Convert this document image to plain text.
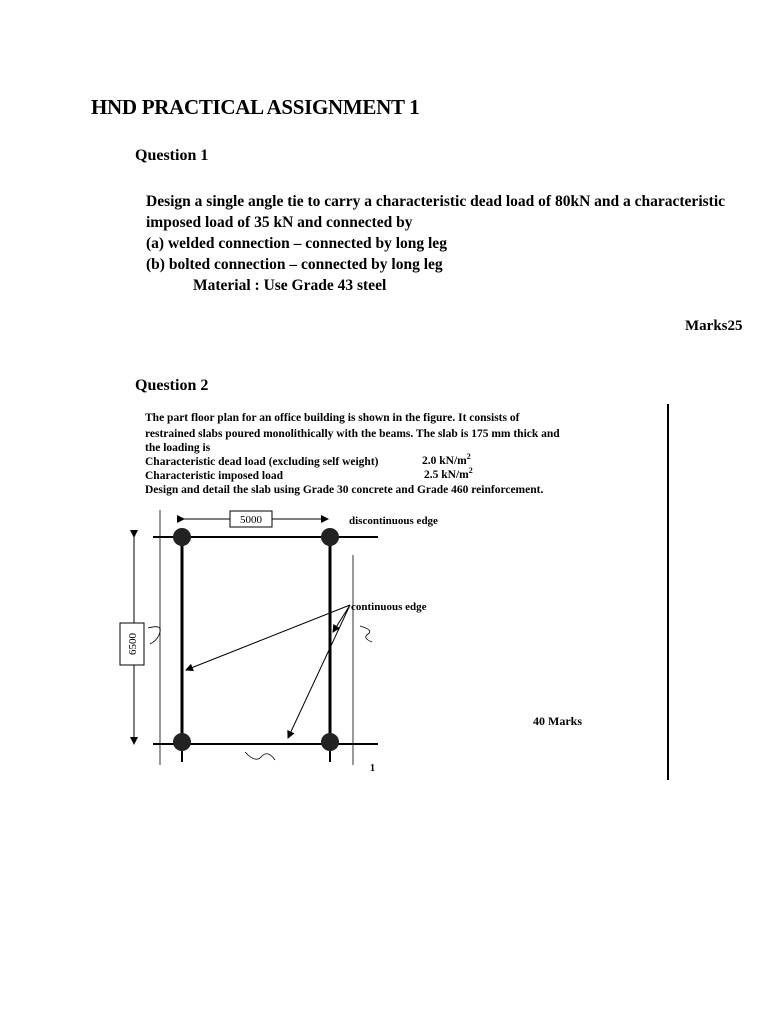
HND PRACTICAL ASSIGNMENT 1
Question 1
Design a single angle tie to carry a characteristic dead load of 80kN and a characteristic
imposed load of 35 kN and connected by
(a) welded connection – connected by long leg
(b) bolted connection – connected by long leg
Material : Use Grade 43 steel
Marks25
Question 2
The part floor plan for an office building is shown in the figure. It consists of
restrained slabs poured monolithically with the beams. The slab is 175 mm thick and
the loading is
Characteristic dead load (excluding self weight)	2.0 $kN/m^2$
Characteristic imposed load	2.5 $kN/m^2$
Design and detail the slab using Grade 30 concrete and Grade 460 reinforcement.
40 Marks
5000
6500
discontinuous edge
continuous edge
1
